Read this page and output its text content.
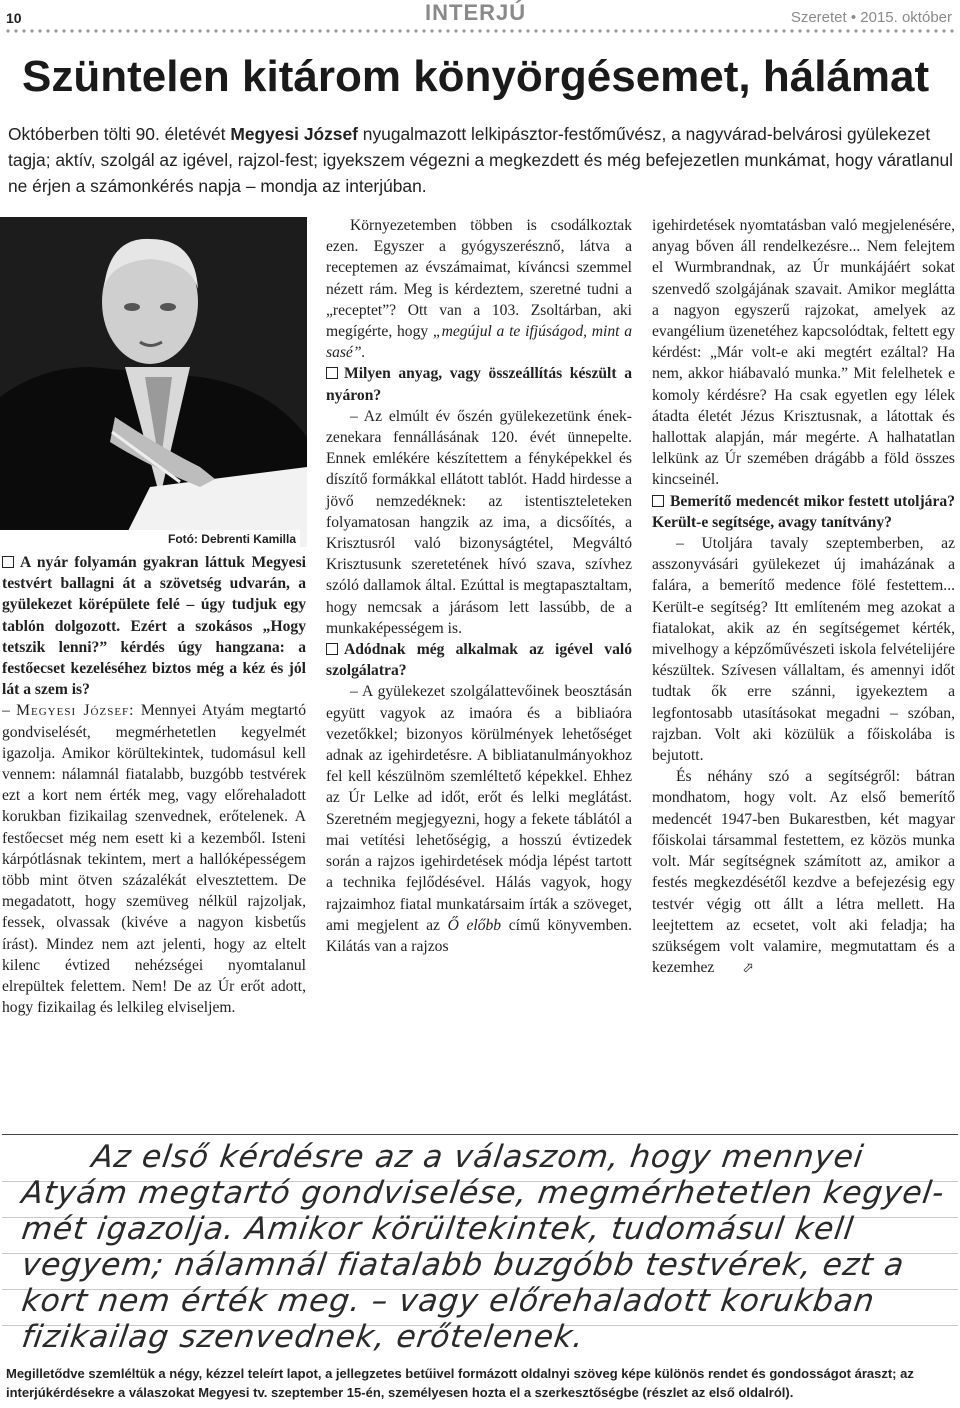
10	INTERJÚ	Szeretet • 2015. október
Szüntelen kitárom könyörgésemet, hálámat

Októberben tölti 90. életévét Megyesi József nyugalmazott lelkipásztor-festőművész, a nagyvárad-belvárosi gyülekezet tagja; aktív, szolgál az igével, rajzol-fest; igyekszem végezni a megkezdett és még befejezetlen munkámat, hogy váratlanul ne érjen a számonkérés napja – mondja az interjúban.

Fotó: Debrenti Kamilla

A nyár folyamán gyakran láttuk Megyesi testvért ballagni át a szövetség udvarán, a gyülekezet körépülete felé – úgy tudjuk egy tablón dolgozott. Ezért a szokásos „Hogy tetszik lenni?” kérdés úgy hangzana: a festőecset kezeléséhez biztos még a kéz és jól lát a szem is?

– Megyesi József: Mennyei Atyám megtartó gondviselését, megmérhetetlen kegyelmét igazolja. Amikor körültekintek, tudomásul kell vennem: nálamnál fiatalabb, buzgóbb testvérek ezt a kort nem érték meg, vagy előrehaladott korukban fizikailag szenvednek, erőtelenek. A festőecset még nem esett ki a kezemből. Isteni kárpótlásnak tekintem, mert a hallóképességem több mint ötven százalékát elvesztettem. De megadatott, hogy szemüveg nélkül rajzoljak, fessek, olvassak (kivéve a nagyon kisbetűs írást). Mindez nem azt jelenti, hogy az eltelt kilenc évtized nehézségei nyomtalanul elrepültek felettem. Nem! De az Úr erőt adott, hogy fizikailag és lelkileg elviseljem.

Környezetemben többen is csodálkoztak ezen. Egyszer a gyógyszerésznő, látva a receptemen az évszámaimat, kíváncsi szemmel nézett rám. Meg is kérdeztem, szeretné tudni a „receptet”? Ott van a 103. Zsoltárban, aki megígérte, hogy „megújul a te ifjúságod, mint a sasé”.

Milyen anyag, vagy összeállítás készült a nyáron?

– Az elmúlt év őszén gyülekezetünk ének-zenekara fennállásának 120. évét ünnepelte. Ennek emlékére készítettem a fényképekkel és díszítő formákkal ellátott tablót. Hadd hirdesse a jövő nemzedéknek: az istentiszteleteken folyamatosan hangzik az ima, a dicsőítés, a Krisztusról való bizonyságtétel, Megváltó Krisztusunk szeretetének hívó szava, szívhez szóló dallamok által. Ezúttal is megtapasztaltam, hogy nemcsak a járásom lett lassúbb, de a munkaképességem is.

Adódnak még alkalmak az igével való szolgálatra?

– A gyülekezet szolgálattevőinek beosztásán együtt vagyok az imaóra és a bibliaóra vezetőkkel; bizonyos körülmények lehetőséget adnak az igehirdetésre. A bibliatanulmányokhoz fel kell készülnöm szemléltető képekkel. Ehhez az Úr Lelke ad időt, erőt és lelki meglátást. Szeretném megjegyezni, hogy a fekete táblától a mai vetítési lehetőségig, a hosszú évtizedek során a rajzos igehirdetések módja lépést tartott a technika fejlődésével. Hálás vagyok, hogy rajzaimhoz fiatal munkatársaim írták a szöveget, ami megjelent az Ő előbb című könyvemben. Kilátás van a rajzos

igehirdetések nyomtatásban való megjelenésére, anyag bőven áll rendelkezésre... Nem felejtem el Wurmbrandnak, az Úr munkájáért sokat szenvedő szolgájának szavait. Amikor meglátta a nagyon egyszerű rajzokat, amelyek az evangélium üzenetéhez kapcsolódtak, feltett egy kérdést: „Már volt-e aki megtért ezáltal? Ha nem, akkor hiábavaló munka.” Mit felelhetek e komoly kérdésre? Ha csak egyetlen egy lélek átadta életét Jézus Krisztusnak, a látottak és hallottak alapján, már megérte. A halhatatlan lelkünk az Úr szemében drágább a föld összes kincseinél.

Bemerítő medencét mikor festett utoljára? Került-e segítsége, avagy tanítvány?

– Utoljára tavaly szeptemberben, az asszonyvásári gyülekezet új imaházának a falára, a bemerítő medence fölé festettem... Került-e segítség? Itt említeném meg azokat a fiatalokat, akik az én segítségemet kérték, mivelhogy a képzőművészeti iskola felvételijére készültek. Szívesen vállaltam, és amennyi időt tudtak ők erre szánni, igyekeztem a legfontosabb utasításokat megadni – szóban, rajzban. Volt aki közülük a főiskolába is bejutott.

És néhány szó a segítségről: bátran mondhatom, hogy volt. Az első bemerítő medencét 1947-ben Bukarestben, két magyar főiskolai társammal festettem, ez közös munka volt. Már segítségnek számított az, amikor a festés megkezdésétől kezdve a befejezésig egy testvér végig ott állt a létra mellett. Ha leejtettem az ecsetet, volt aki feladja; ha szükségem volt valamire, megmutattam és a kezemhez ⬀

Az első kérdésre az a válaszom, hogy mennyei
Atyám megtartó gondviselése, megmérhetetlen kegyel-
mét igazolja. Amikor körültekintek, tudomásul kell
vegyem; nálamnál fiatalabb buzgóbb testvérek, ezt a
kort nem érték meg. – vagy előrehaladott korukban
fizikailag szenvednek, erőtelenek.

Megilletődve szemléltük a négy, kézzel teleírt lapot, a jellegzetes betűivel formázott oldalnyi szöveg képe különös rendet és gondosságot áraszt; az interjúkérdésekre a válaszokat Megyesi tv. szeptember 15-én, személyesen hozta el a szerkesztőségbe (részlet az első oldalról).
